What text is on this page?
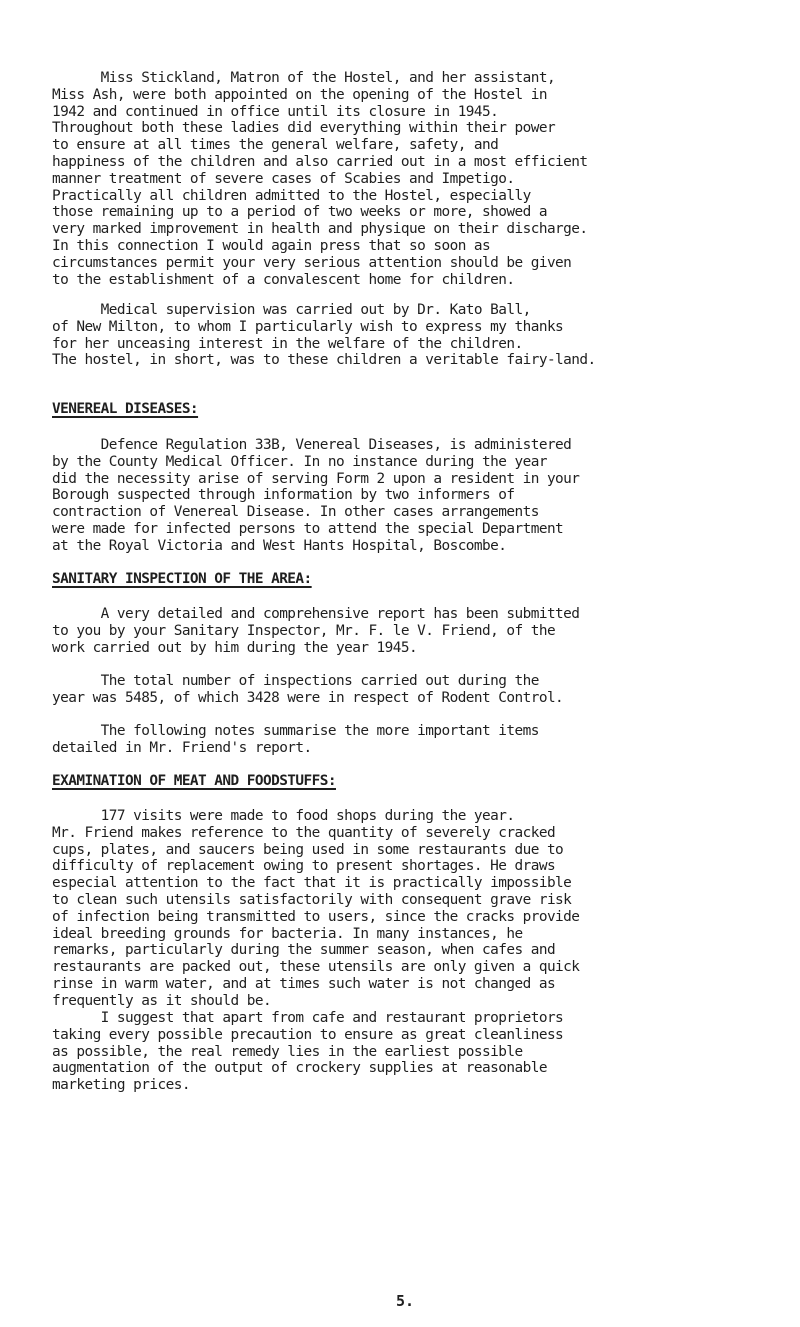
Miss Stickland, Matron of the Hostel, and her assistant,
Miss Ash, were both appointed on the opening of the Hostel in
1942 and continued in office until its closure in 1945.
Throughout both these ladies did everything within their power
to ensure at all times the general welfare, safety, and
happiness of the children and also carried out in a most efficient
manner treatment of severe cases of Scabies and Impetigo.
Practically all children admitted to the Hostel, especially
those remaining up to a period of two weeks or more, showed a
very marked improvement in health and physique on their discharge.
In this connection I would again press that so soon as
circumstances permit your very serious attention should be given
to the establishment of a convalescent home for children.
Medical supervision was carried out by Dr. Kato Ball,
of New Milton, to whom I particularly wish to express my thanks
for her unceasing interest in the welfare of the children.
The hostel, in short, was to these children a veritable fairy-land.
VENEREAL DISEASES:
Defence Regulation 33B, Venereal Diseases, is administered
by the County Medical Officer. In no instance during the year
did the necessity arise of serving Form 2 upon a resident in your
Borough suspected through information by two informers of
contraction of Venereal Disease. In other cases arrangements
were made for infected persons to attend the special Department
at the Royal Victoria and West Hants Hospital, Boscombe.
SANITARY INSPECTION OF THE AREA:
A very detailed and comprehensive report has been submitted
to you by your Sanitary Inspector, Mr. F. le V. Friend, of the
work carried out by him during the year 1945.
The total number of inspections carried out during the
year was 5485, of which 3428 were in respect of Rodent Control.
The following notes summarise the more important items
detailed in Mr. Friend's report.
EXAMINATION OF MEAT AND FOODSTUFFS:
177 visits were made to food shops during the year.
Mr. Friend makes reference to the quantity of severely cracked
cups, plates, and saucers being used in some restaurants due to
difficulty of replacement owing to present shortages. He draws
especial attention to the fact that it is practically impossible
to clean such utensils satisfactorily with consequent grave risk
of infection being transmitted to users, since the cracks provide
ideal breeding grounds for bacteria. In many instances, he
remarks, particularly during the summer season, when cafes and
restaurants are packed out, these utensils are only given a quick
rinse in warm water, and at times such water is not changed as
frequently as it should be.
I suggest that apart from cafe and restaurant proprietors
taking every possible precaution to ensure as great cleanliness
as possible, the real remedy lies in the earliest possible
augmentation of the output of crockery supplies at reasonable
marketing prices.
5.
